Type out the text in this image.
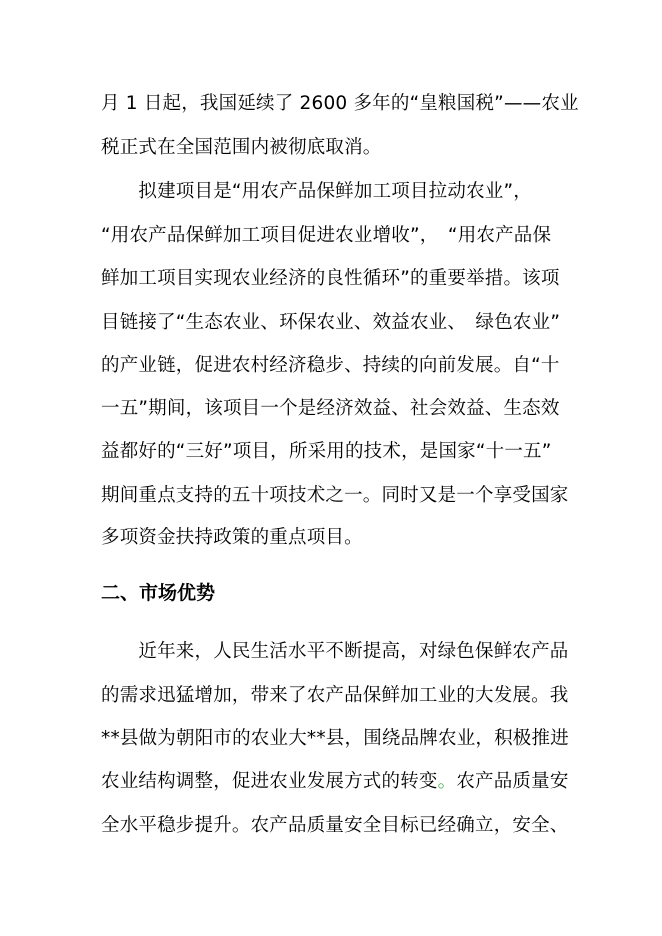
月 1 日起，我国延续了 2600 多年的“皇粮国税”——农业
税正式在全国范围内被彻底取消。
　　拟建项目是“用农产品保鲜加工项目拉动农业”，
“用农产品保鲜加工项目促进农业增收”，　“用农产品保
鲜加工项目实现农业经济的良性循环”的重要举措。该项
目链接了“生态农业、环保农业、效益农业、　绿色农业”
的产业链，促进农村经济稳步、持续的向前发展。自“十
一五”期间，该项目一个是经济效益、社会效益、生态效
益都好的“三好”项目，所采用的技术，是国家“十一五”
期间重点支持的五十项技术之一。同时又是一个享受国家
多项资金扶持政策的重点项目。
二、市场优势
　　近年来，人民生活水平不断提高，对绿色保鲜农产品
的需求迅猛增加，带来了农产品保鲜加工业的大发展。我
**县做为朝阳市的农业大**县，围绕品牌农业，积极推进
农业结构调整，促进农业发展方式的转变。农产品质量安
全水平稳步提升。农产品质量安全目标已经确立，安全、
